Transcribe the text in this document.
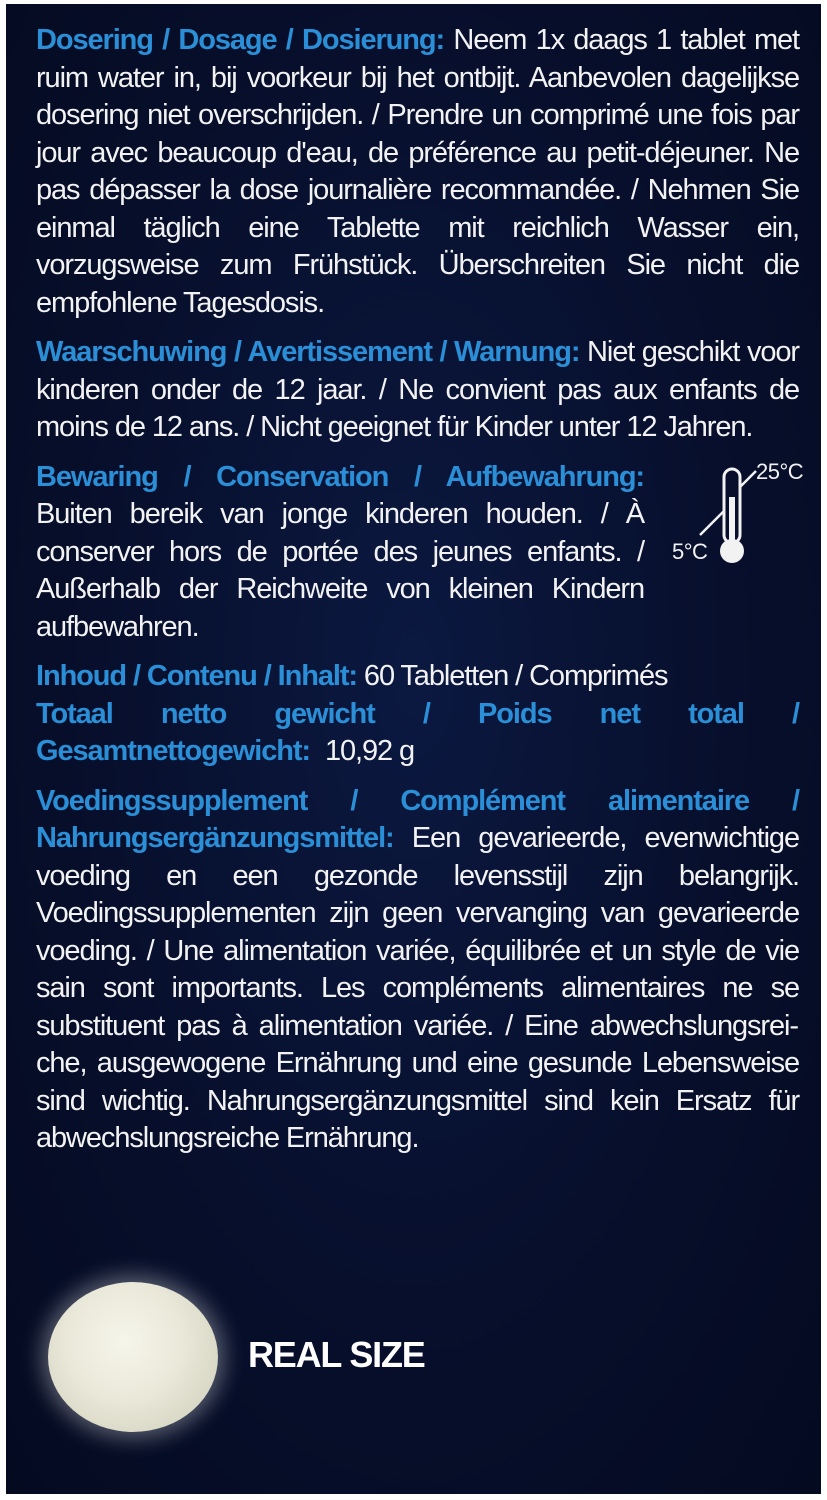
Dosering / Dosage / Dosierung: Neem 1x daags 1 tablet met ruim water in, bij voorkeur bij het ontbijt. Aanbevolen dagelijkse dosering niet overschrijden. / Prendre un comprimé une fois par jour avec beaucoup d'eau, de préférence au petit-déjeuner. Ne pas dépasser la dose journalière recommandée. / Nehmen Sie einmal täglich eine Tablette mit reichlich Wasser ein, vorzugsweise zum Frühstück. Überschreiten Sie nicht die empfohlene Tagesdosis.

Waarschuwing / Avertissement / Warnung: Niet geschikt voor kinderen onder de 12 jaar. / Ne convient pas aux enfants de moins de 12 ans. / Nicht geeignet für Kinder unter 12 Jahren.

Bewaring / Conservation / Aufbewahrung:
Buiten bereik van jonge kinderen houden. / À conserver hors de portée des jeunes enfants. / Außerhalb der Reichweite von kleinen Kindern aufbewahren.
25°C
5°C
Inhoud / Contenu / Inhalt: 60 Tabletten / Comprimés
Totaal netto gewicht / Poids net total /
Gesamtnettogewicht: 10,92 g

Voedingssupplement / Complément alimentaire / Nahrungsergänzungsmittel: Een gevarieerde, evenwichtige voeding en een gezonde levensstijl zijn belangrijk. Voedingssupplementen zijn geen vervanging van gevarieerde voeding. / Une alimentation variée, équilibrée et un style de vie sain sont importants. Les compléments alimentaires ne se substituent pas à alimentation variée. / Eine abwechslungsreiche, ausgewogene Ernährung und eine gesunde Lebensweise sind wichtig. Nahrungsergänzungsmittel sind kein Ersatz für abwechslungsreiche Ernährung.

REAL SIZE
